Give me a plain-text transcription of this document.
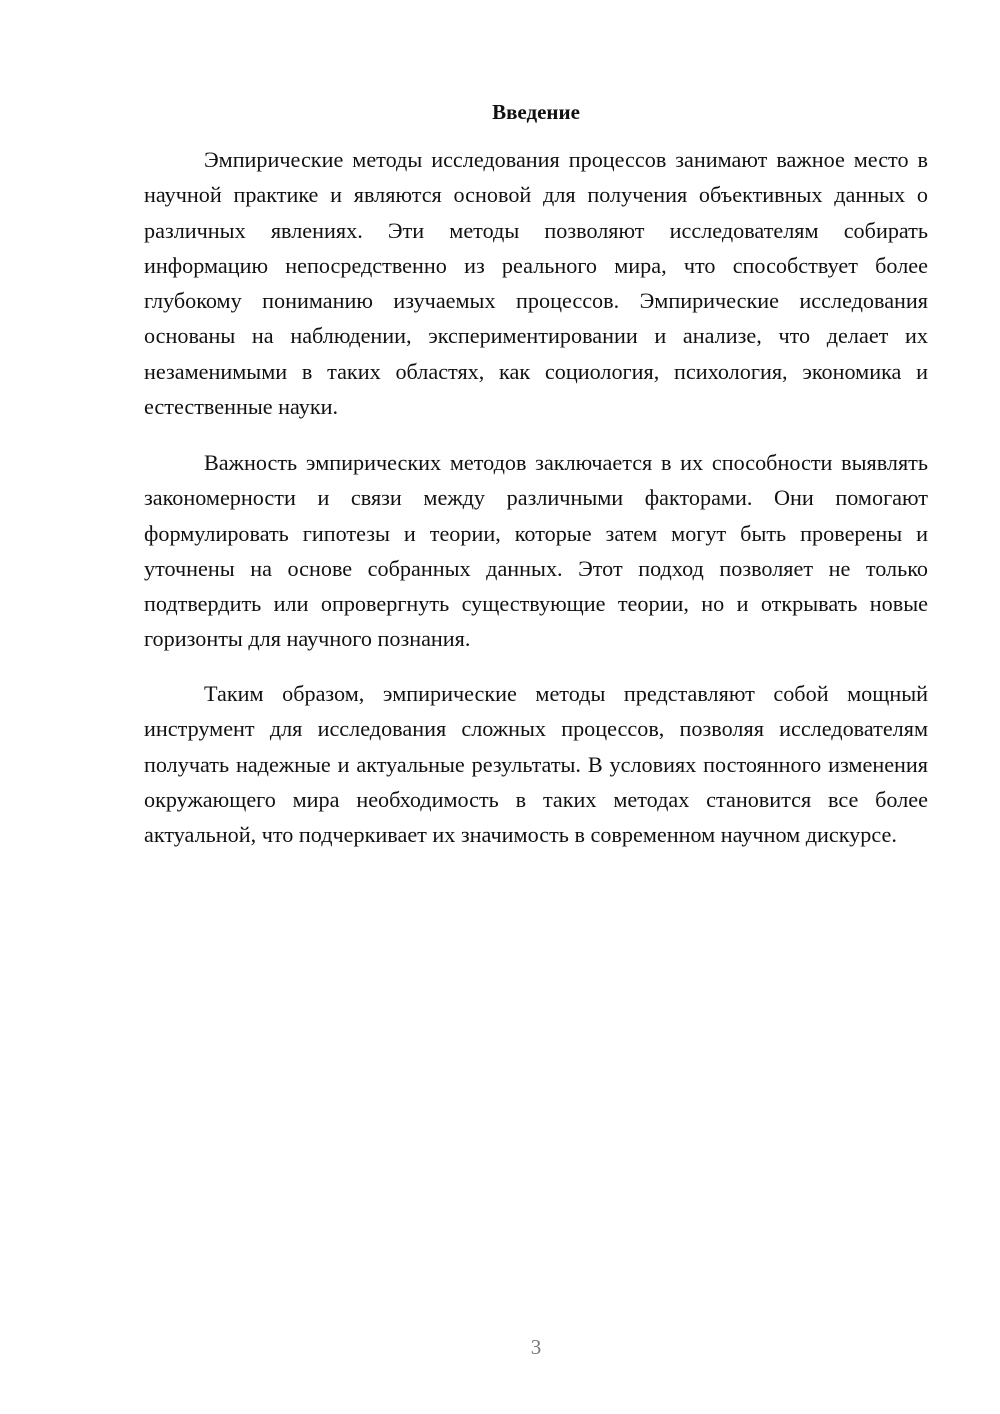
Введение

Эмпирические методы исследования процессов занимают важное место в научной практике и являются основой для получения объективных данных о различных явлениях. Эти методы позволяют исследователям собирать информацию непосредственно из реального мира, что способствует более глубокому пониманию изучаемых процессов. Эмпирические исследования основаны на наблюдении, экспериментировании и анализе, что делает их незаменимыми в таких областях, как социология, психология, экономика и естественные науки.

Важность эмпирических методов заключается в их способности выявлять закономерности и связи между различными факторами. Они помогают формулировать гипотезы и теории, которые затем могут быть проверены и уточнены на основе собранных данных. Этот подход позволяет не только подтвердить или опровергнуть существующие теории, но и открывать новые горизонты для научного познания.

Таким образом, эмпирические методы представляют собой мощный инструмент для исследования сложных процессов, позволяя исследователям получать надежные и актуальные результаты. В условиях постоянного изменения окружающего мира необходимость в таких методах становится все более актуальной, что подчеркивает их значимость в современном научном дискурсе.

3
